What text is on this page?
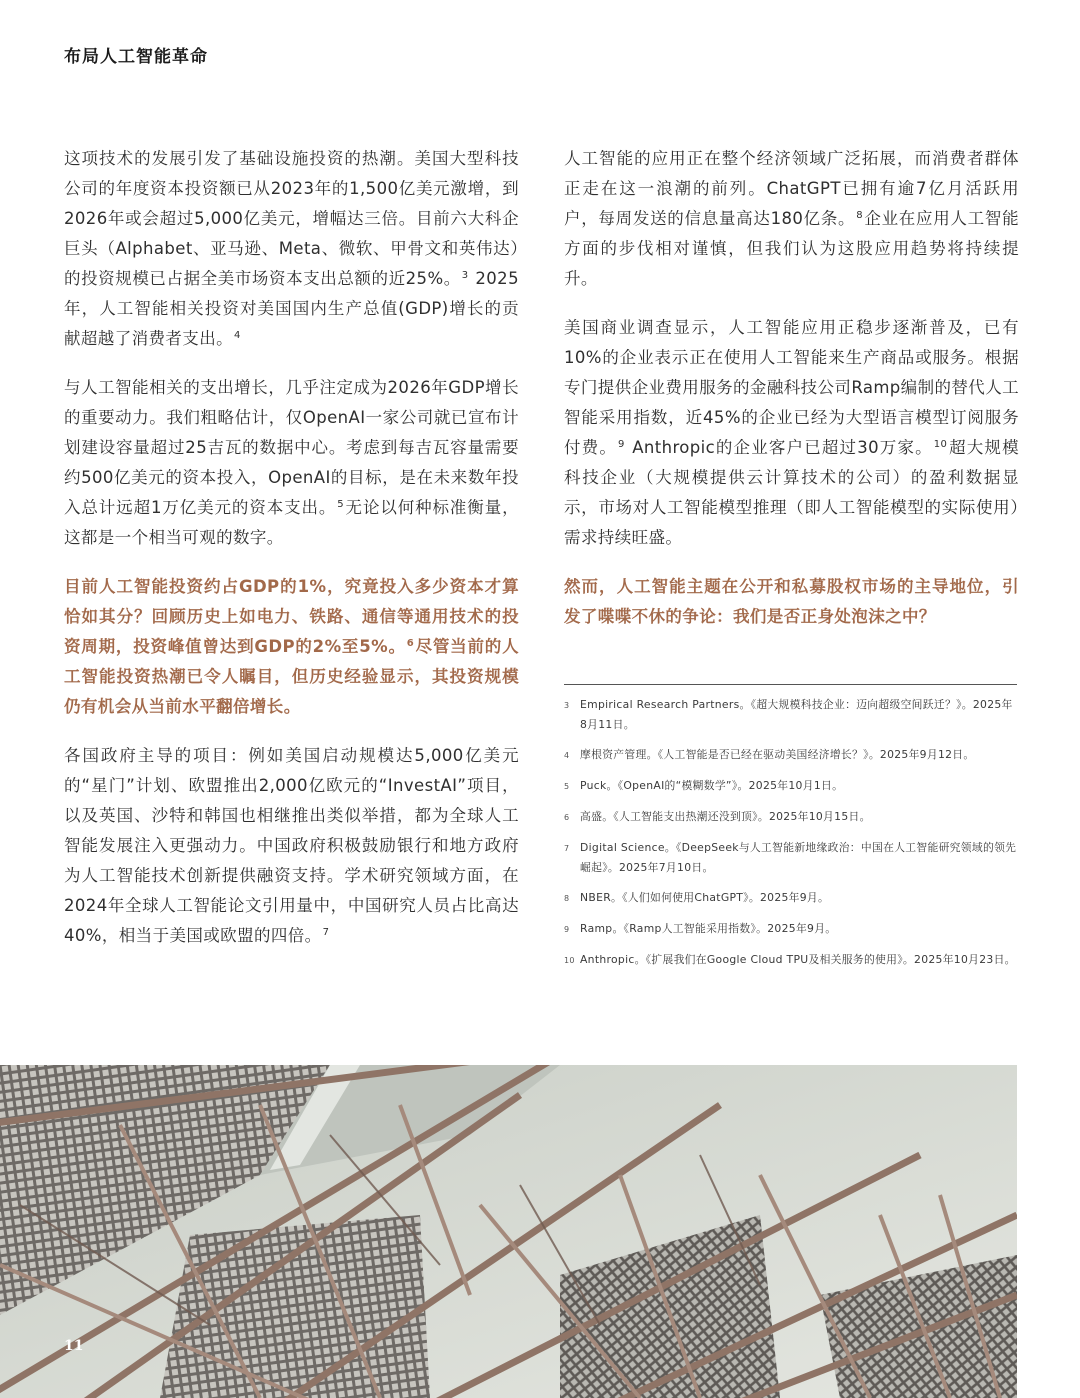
布局人工智能革命

这项技术的发展引发了基础设施投资的热潮。美国大型科技公司的年度资本投资额已从2023年的1,500亿美元激增，到2026年或会超过5,000亿美元，增幅达三倍。目前六大科企巨头（Alphabet、亚马逊、Meta、微软、甲骨文和英伟达）的投资规模已占据全美市场资本支出总额的近25%。$^3$ 2025年，人工智能相关投资对美国国内生产总值(GDP)增长的贡献超越了消费者支出。$^4$

与人工智能相关的支出增长，几乎注定成为2026年GDP增长的重要动力。我们粗略估计，仅OpenAI一家公司就已宣布计划建设容量超过25吉瓦的数据中心。考虑到每吉瓦容量需要约500亿美元的资本投入，OpenAI的目标，是在未来数年投入总计远超1万亿美元的资本支出。$^5$无论以何种标准衡量，这都是一个相当可观的数字。

目前人工智能投资约占GDP的1%，究竟投入多少资本才算恰如其分？回顾历史上如电力、铁路、通信等通用技术的投资周期，投资峰值曾达到GDP的2%至5%。$^6$尽管当前的人工智能投资热潮已令人瞩目，但历史经验显示，其投资规模仍有机会从当前水平翻倍增长。

各国政府主导的项目：例如美国启动规模达5,000亿美元的“星门”计划、欧盟推出2,000亿欧元的“InvestAI”项目，以及英国、沙特和韩国也相继推出类似举措，都为全球人工智能发展注入更强动力。中国政府积极鼓励银行和地方政府为人工智能技术创新提供融资支持。学术研究领域方面，在2024年全球人工智能论文引用量中，中国研究人员占比高达40%，相当于美国或欧盟的四倍。$^7$

人工智能的应用正在整个经济领域广泛拓展，而消费者群体正走在这一浪潮的前列。ChatGPT已拥有逾7亿月活跃用户，每周发送的信息量高达180亿条。$^8$企业在应用人工智能方面的步伐相对谨慎，但我们认为这股应用趋势将持续提升。

美国商业调查显示，人工智能应用正稳步逐渐普及，已有10%的企业表示正在使用人工智能来生产商品或服务。根据专门提供企业费用服务的金融科技公司Ramp编制的替代人工智能采用指数，近45%的企业已经为大型语言模型订阅服务付费。$^9$ Anthropic的企业客户已超过30万家。$^{10}$超大规模科技企业（大规模提供云计算技术的公司）的盈利数据显示，市场对人工智能模型推理（即人工智能模型的实际使用）需求持续旺盛。

然而，人工智能主题在公开和私募股权市场的主导地位，引发了喋喋不休的争论：我们是否正身处泡沫之中？

3 Empirical Research Partners。《超大规模科技企业：迈向超级空间跃迁？》。2025年8月11日。
4 摩根资产管理。《人工智能是否已经在驱动美国经济增长？》。2025年9月12日。
5 Puck。《OpenAI的“模糊数学”》。2025年10月1日。
6 高盛。《人工智能支出热潮还没到顶》。2025年10月15日。
7 Digital Science。《DeepSeek与人工智能新地缘政治：中国在人工智能研究领域的领先崛起》。2025年7月10日。
8 NBER。《人们如何使用ChatGPT》。2025年9月。
9 Ramp。《Ramp人工智能采用指数》。2025年9月。
10 Anthropic。《扩展我们在Google Cloud TPU及相关服务的使用》。2025年10月23日。
11
